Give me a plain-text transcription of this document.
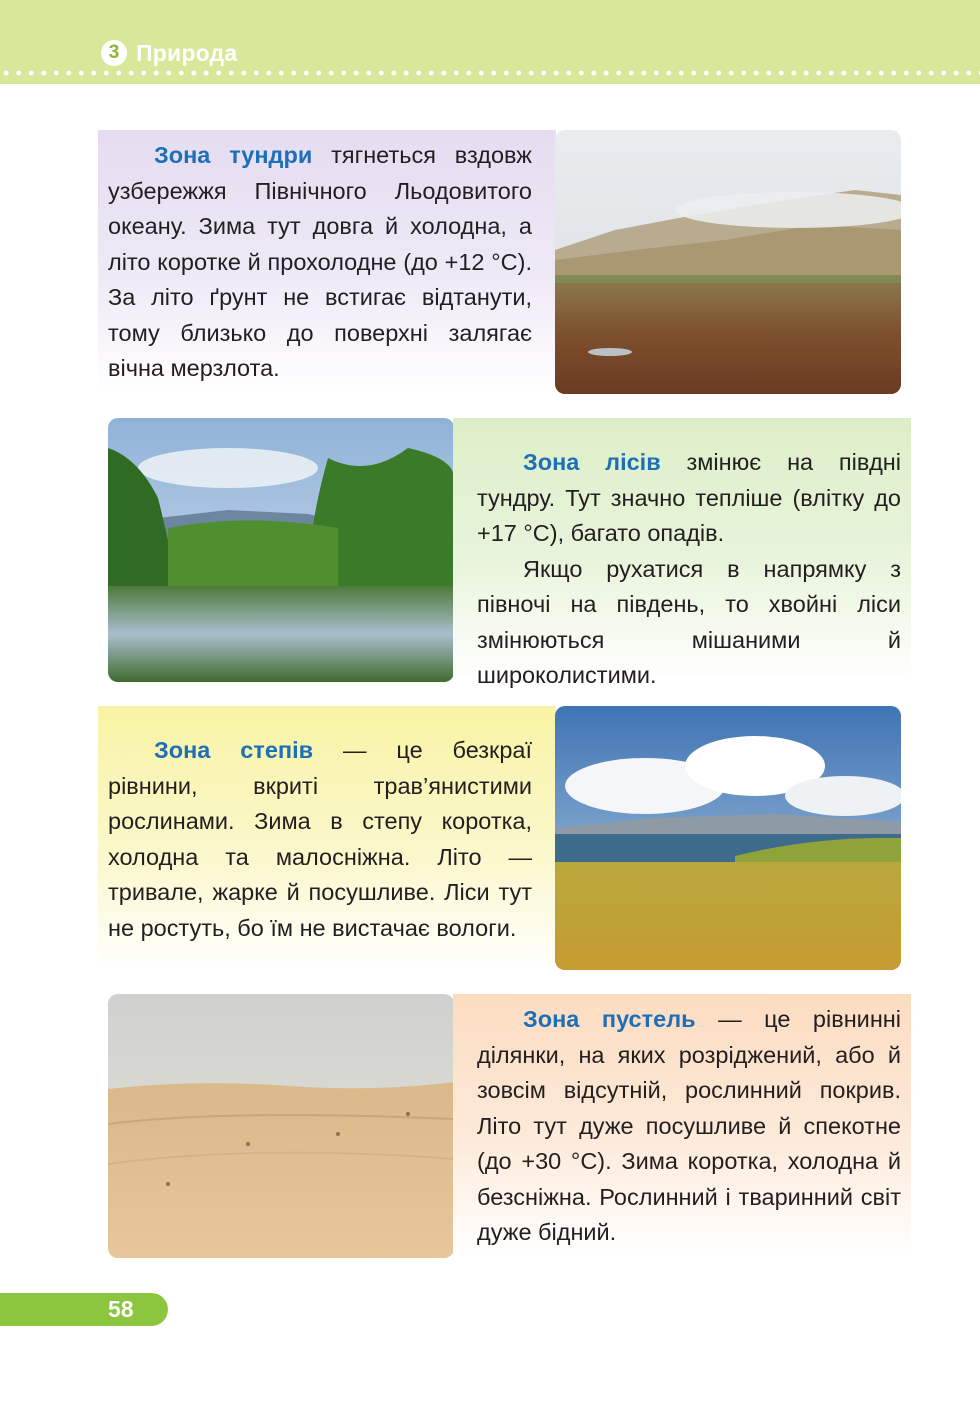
3 Природа

Зона тундри тягнеться вздовж узбережжя Північного Льодовитого океану. Зима тут довга й холодна, а літо коротке й прохолодне (до +12 °C). За літо ґрунт не встигає відтанути, тому близько до поверхні залягає вічна мерзлота.

Зона лісів змінює на півдні тундру. Тут значно тепліше (влітку до +17 °C), багато опадів.

Якщо рухатися в напрямку з півночі на південь, то хвойні ліси змінюються мішаними й широколистими.

Зона степів — це безкраї рівнини, вкриті трав’янистими рослинами. Зима в степу коротка, холодна та малосніжна. Літо — тривале, жарке й посушливе. Ліси тут не ростуть, бо їм не вистачає вологи.

Зона пустель — це рівнинні ділянки, на яких розріджений, або й зовсім відсутній, рослинний покрив. Літо тут дуже посушливе й спекотне (до +30 °C). Зима коротка, холодна й безсніжна. Рослинний і тваринний світ дуже бідний.

58
